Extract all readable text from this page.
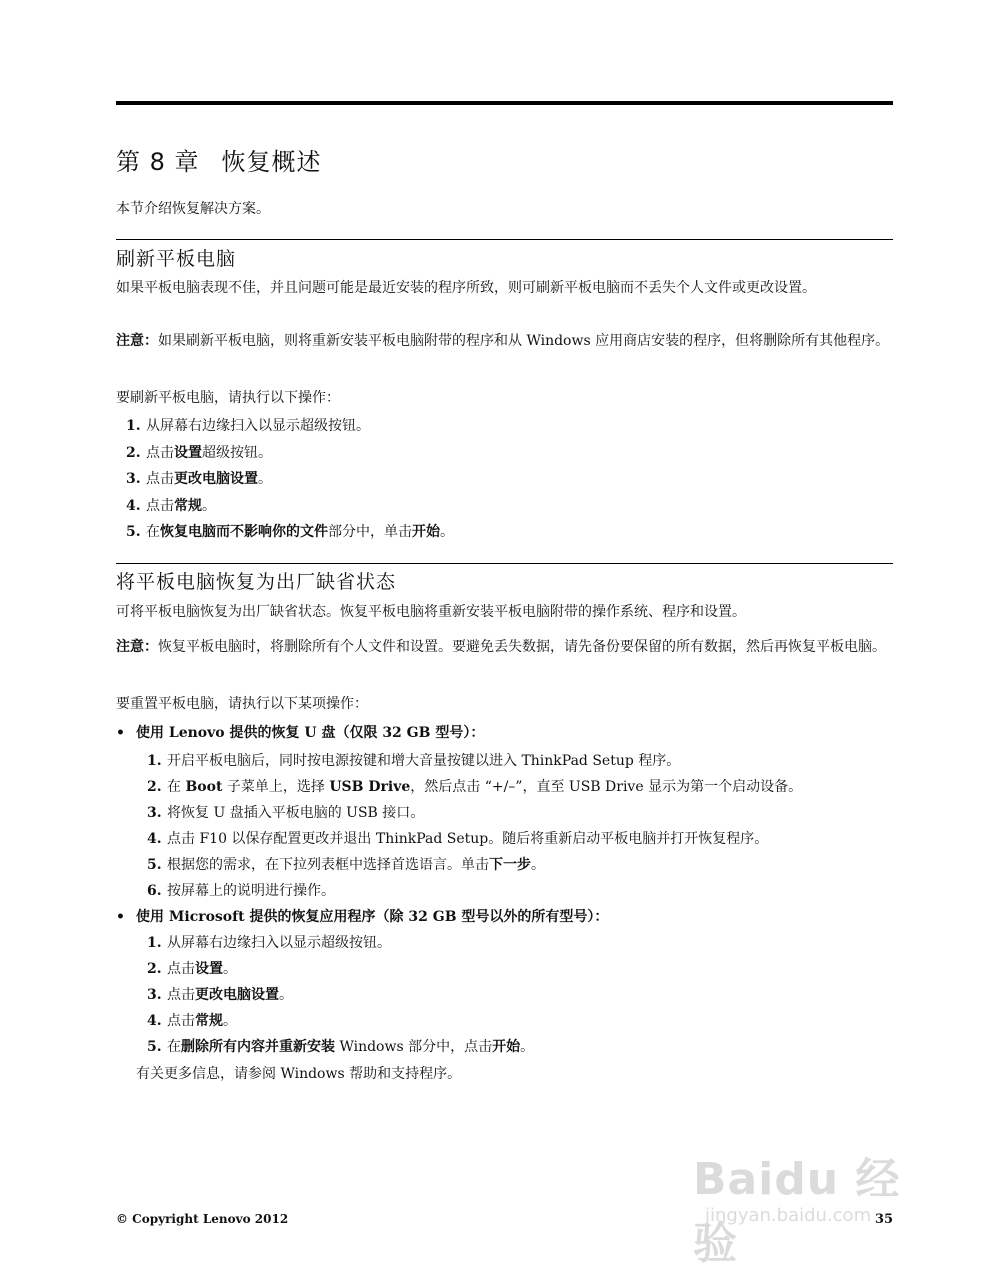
第 8 章 恢复概述

本节介绍恢复解决方案。

刷新平板电脑

如果平板电脑表现不佳，并且问题可能是最近安装的程序所致，则可刷新平板电脑而不丢失个人文件或更改设置。

注意：如果刷新平板电脑，则将重新安装平板电脑附带的程序和从 Windows 应用商店安装的程序，但将删除所有其他程序。

要刷新平板电脑，请执行以下操作：

1. 从屏幕右边缘扫入以显示超级按钮。

2. 点击设置超级按钮。

3. 点击更改电脑设置。

4. 点击常规。

5. 在恢复电脑而不影响你的文件部分中，单击开始。

将平板电脑恢复为出厂缺省状态

可将平板电脑恢复为出厂缺省状态。恢复平板电脑将重新安装平板电脑附带的操作系统、程序和设置。

注意：恢复平板电脑时，将删除所有个人文件和设置。要避免丢失数据，请先备份要保留的所有数据，然后再恢复平板电脑。

要重置平板电脑，请执行以下某项操作：

• 使用 Lenovo 提供的恢复 U 盘（仅限 32 GB 型号）：

1. 开启平板电脑后，同时按电源按键和增大音量按键以进入 ThinkPad Setup 程序。

2. 在 Boot 子菜单上，选择 USB Drive，然后点击 “+/–”，直至 USB Drive 显示为第一个启动设备。

3. 将恢复 U 盘插入平板电脑的 USB 接口。

4. 点击 F10 以保存配置更改并退出 ThinkPad Setup。随后将重新启动平板电脑并打开恢复程序。

5. 根据您的需求，在下拉列表框中选择首选语言。单击下一步。

6. 按屏幕上的说明进行操作。

• 使用 Microsoft 提供的恢复应用程序（除 32 GB 型号以外的所有型号）：

1. 从屏幕右边缘扫入以显示超级按钮。

2. 点击设置。

3. 点击更改电脑设置。

4. 点击常规。

5. 在删除所有内容并重新安装 Windows 部分中，点击开始。

有关更多信息，请参阅 Windows 帮助和支持程序。

Baidu 经验
jingyan.baidu.com
© Copyright Lenovo 2012	35
